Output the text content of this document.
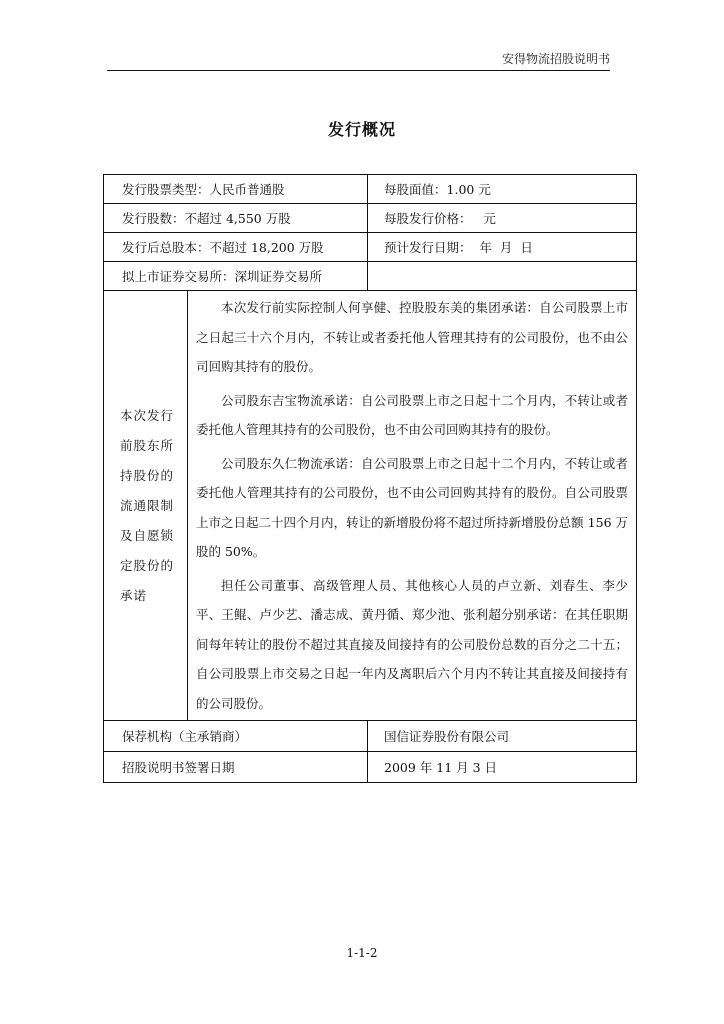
安得物流招股说明书
发行概况
发行股票类型：人民币普通股		每股面值：1.00 元
发行股数：不超过 4,550 万股		每股发行价格：   元
发行后总股本：不超过 18,200 万股		预计发行日期：  年  月  日
拟上市证券交易所：深圳证券交易所		
本次发行前股东所持股份的流通限制及自愿锁定股份的承诺	本次发行前实际控制人何享健、控股股东美的集团承诺：自公司股票上市之日起三十六个月内，不转让或者委托他人管理其持有的公司股份，也不由公司回购其持有的股份。
公司股东吉宝物流承诺：自公司股票上市之日起十二个月内，不转让或者委托他人管理其持有的公司股份，也不由公司回购其持有的股份。
公司股东久仁物流承诺：自公司股票上市之日起十二个月内，不转让或者委托他人管理其持有的公司股份，也不由公司回购其持有的股份。自公司股票上市之日起二十四个月内，转让的新增股份将不超过所持新增股份总额 156 万股的 50%。
担任公司董事、高级管理人员、其他核心人员的卢立新、刘春生、李少平、王鲲、卢少艺、潘志成、黄丹循、郑少池、张利超分别承诺：在其任职期间每年转让的股份不超过其直接及间接持有的公司股份总数的百分之二十五；自公司股票上市交易之日起一年内及离职后六个月内不转让其直接及间接持有的公司股份。	

保荐机构（主承销商）		国信证券股份有限公司
招股说明书签署日期		2009 年 11 月 3 日
1-1-2
